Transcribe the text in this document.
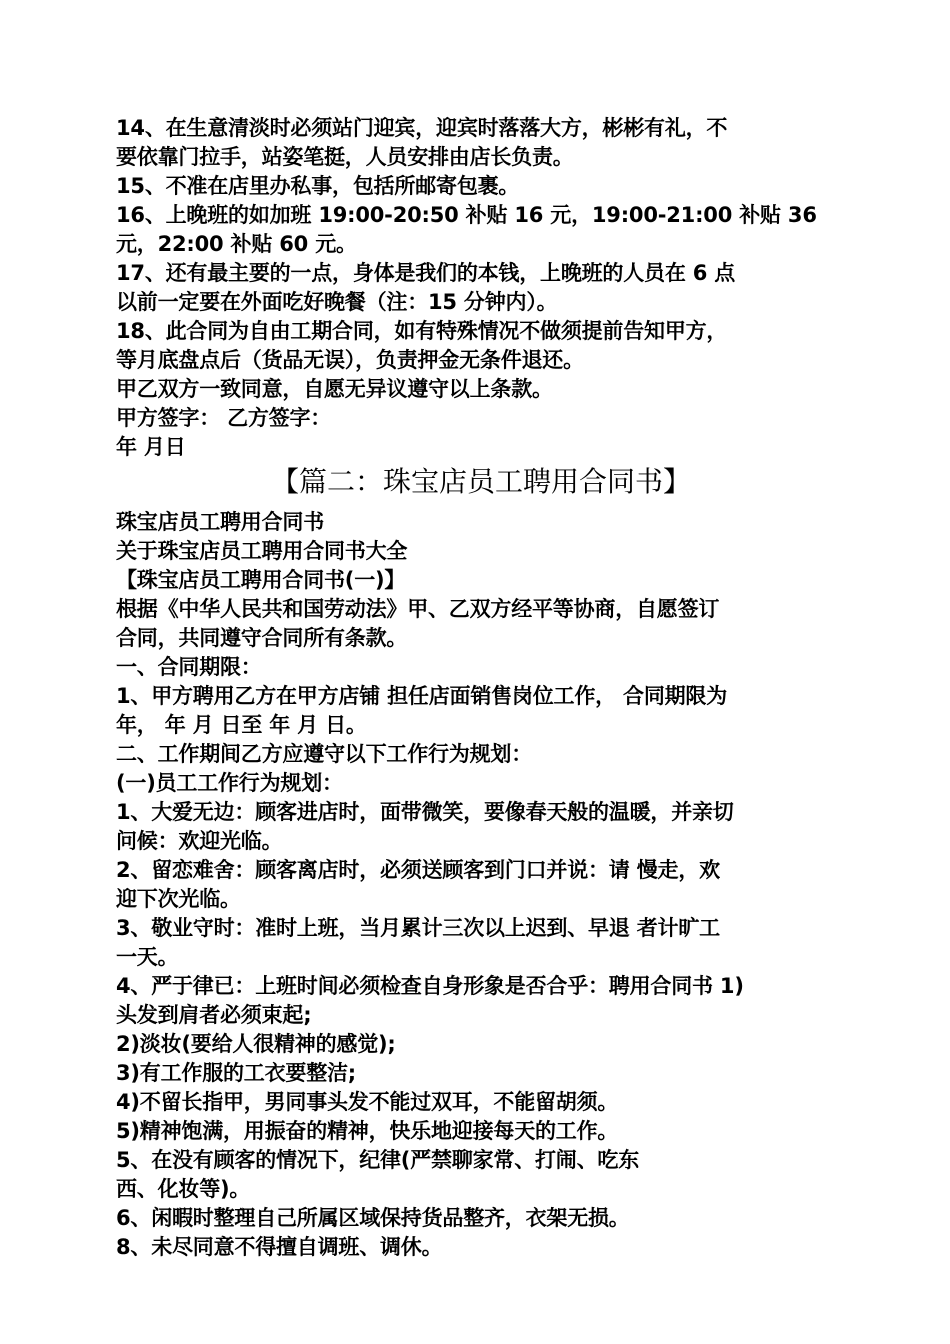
14、在生意清淡时必须站门迎宾，迎宾时落落大方，彬彬有礼，不
要依靠门拉手，站姿笔挺，人员安排由店长负责。
15、不准在店里办私事，包括所邮寄包裹。
16、上晚班的如加班 19:00-20:50 补贴 16 元，19:00-21:00 补贴 36
元，22:00 补贴 60 元。
17、还有最主要的一点，身体是我们的本钱，上晚班的人员在 6 点
以前一定要在外面吃好晚餐（注：15 分钟内）。
18、此合同为自由工期合同，如有特殊情况不做须提前告知甲方，
等月底盘点后（货品无误），负责押金无条件退还。
甲乙双方一致同意，自愿无异议遵守以上条款。
甲方签字： 乙方签字：
年 月日
【篇二：珠宝店员工聘用合同书】
珠宝店员工聘用合同书
关于珠宝店员工聘用合同书大全
【珠宝店员工聘用合同书(一)】
根据《中华人民共和国劳动法》甲、乙双方经平等协商，自愿签订
合同，共同遵守合同所有条款。
一、合同期限：
1、甲方聘用乙方在甲方店铺 担任店面销售岗位工作， 合同期限为
年， 年 月 日至 年 月 日。
二、工作期间乙方应遵守以下工作行为规划：
(一)员工工作行为规划：
1、大爱无边：顾客进店时，面带微笑，要像春天般的温暖，并亲切
问候：欢迎光临。
2、留恋难舍：顾客离店时，必须送顾客到门口并说：请 慢走，欢
迎下次光临。
3、敬业守时：准时上班，当月累计三次以上迟到、早退 者计旷工
一天。
4、严于律已：上班时间必须检查自身形象是否合乎：聘用合同书 1)
头发到肩者必须束起;
2)淡妆(要给人很精神的感觉);
3)有工作服的工衣要整洁;
4)不留长指甲，男同事头发不能过双耳，不能留胡须。
5)精神饱满，用振奋的精神，快乐地迎接每天的工作。
5、在没有顾客的情况下，纪律(严禁聊家常、打闹、吃东
西、化妆等)。
6、闲暇时整理自己所属区域保持货品整齐，衣架无损。
8、未尽同意不得擅自调班、调休。
